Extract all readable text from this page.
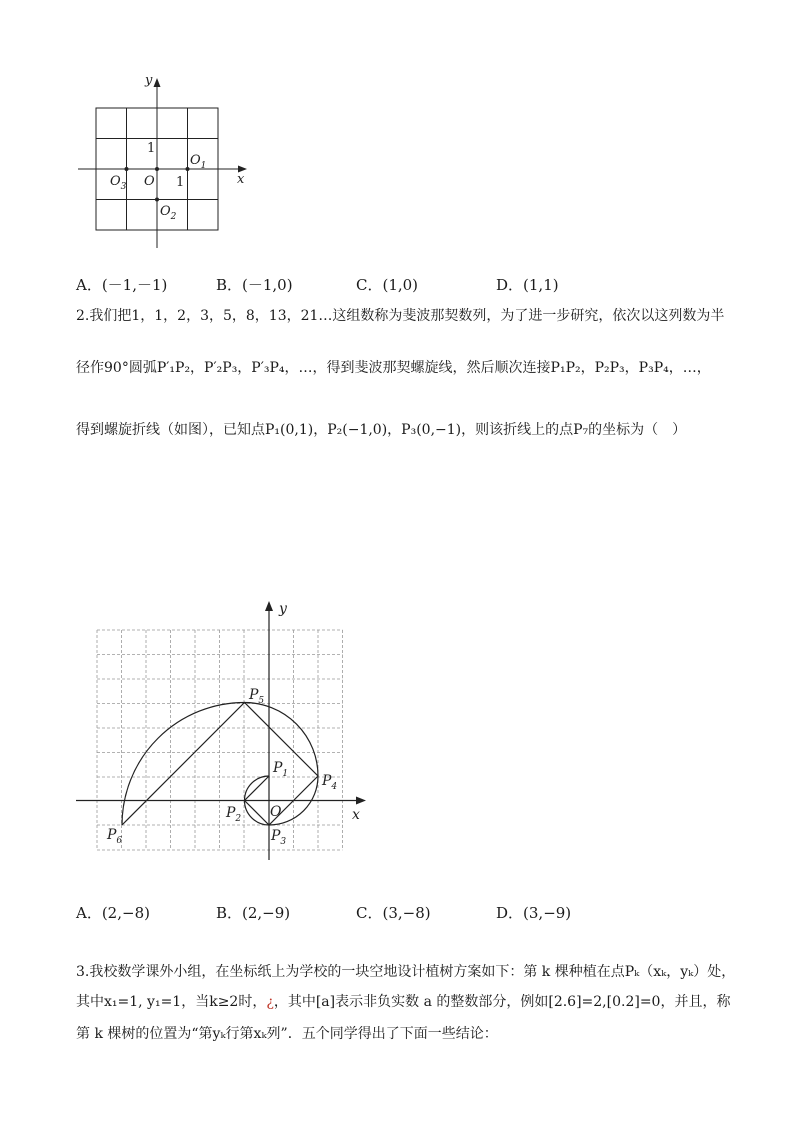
y
x
O
$O_1$
$O_2$
$O_3$
1
1
A．(－1,－1)	B．(－1,0)	C．(1,0)	D．(1,1)
2.我们把1，1，2，3，5，8，13，21…这组数称为斐波那契数列，为了进一步研究，依次以这列数为半
径作90°圆弧P′₁P₂，P′₂P₃，P′₃P₄，…，得到斐波那契螺旋线，然后顺次连接P₁P₂，P₂P₃，P₃P₄，…，
得到螺旋折线（如图），已知点P₁(0,1)，P₂(−1,0)，P₃(0,−1)，则该折线上的点P₇的坐标为（　）
y
x
O
$P_1$
$P_2$
$P_3$
$P_4$
$P_5$
$P_6$
A．(2,−8)	B．(2,−9)	C．(3,−8)	D．(3,−9)
3.我校数学课外小组，在坐标纸上为学校的一块空地设计植树方案如下：第 k 棵种植在点Pₖ（xₖ，yₖ）处，
其中x₁=1, y₁=1，当k≥2时，¿，其中[a]表示非负实数 a 的整数部分，例如[2.6]=2,[0.2]=0，并且，称
第 k 棵树的位置为“第yₖ行第xₖ列”．五个同学得出了下面一些结论：
